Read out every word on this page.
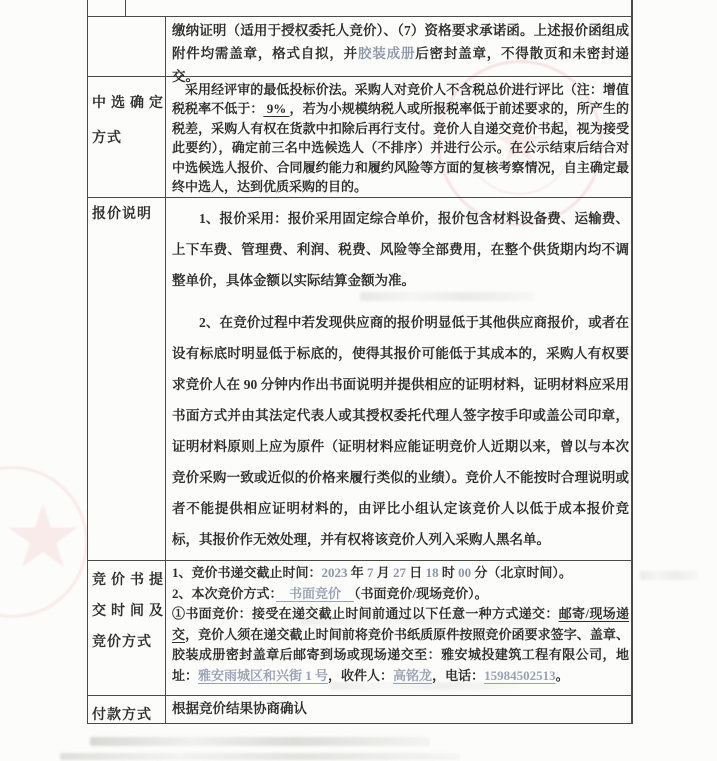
缴纳证明（适用于授权委托人竞价）、（7）资格要求承诺函。上述报价函组成附件均需盖章，格式自拟，并胶装成册后密封盖章，不得散页和未密封递交。

中选确定方式

采用经评审的最低投标价法。采购人对竞价人不含税总价进行评比（注：增值税税率不低于： 9% ，若为小规模纳税人或所报税率低于前述要求的，所产生的税差，采购人有权在货款中扣除后再行支付。竞价人自递交竞价书起，视为接受此要约），确定前三名中选候选人（不排序）并进行公示。在公示结束后结合对中选候选人报价、合同履约能力和履约风险等方面的复核考察情况，自主确定最终中选人，达到优质采购的目的。

报价说明	1、报价采用：报价采用固定综合单价，报价包含材料设备费、运输费、上下车费、管理费、利润、税费、风险等全部费用，在整个供货期内均不调整单价，具体金额以实际结算金额为准。

2、在竞价过程中若发现供应商的报价明显低于其他供应商报价，或者在设有标底时明显低于标底的，使得其报价可能低于其成本的，采购人有权要求竞价人在 90 分钟内作出书面说明并提供相应的证明材料，证明材料应采用书面方式并由其法定代表人或其授权委托代理人签字按手印或盖公司印章，证明材料原则上应为原件（证明材料应能证明竞价人近期以来，曾以与本次竞价采购一致或近似的价格来履行类似的业绩）。竞价人不能按时合理说明或者不能提供相应证明材料的，由评比小组认定该竞价人以低于成本报价竞标，其报价作无效处理，并有权将该竞价人列入采购人黑名单。

竞价书提交时间及竞价方式

1、竞价书递交截止时间：2023 年 7 月 27 日 18 时 00 分（北京时间）。

2、本次竞价方式：　书面竞价　（书面竞价/现场竞价）。

①书面竞价：接受在递交截止时间前通过以下任意一种方式递交：邮寄/现场递交，竞价人须在递交截止时间前将竞价书纸质原件按照竞价函要求签字、盖章、胶装成册密封盖章后邮寄到场或现场递交至：雅安城投建筑工程有限公司，地址：雅安雨城区和兴街 1 号，收件人：高铭龙，电话：15984502513。

付款方式	根据竞价结果协商确认
